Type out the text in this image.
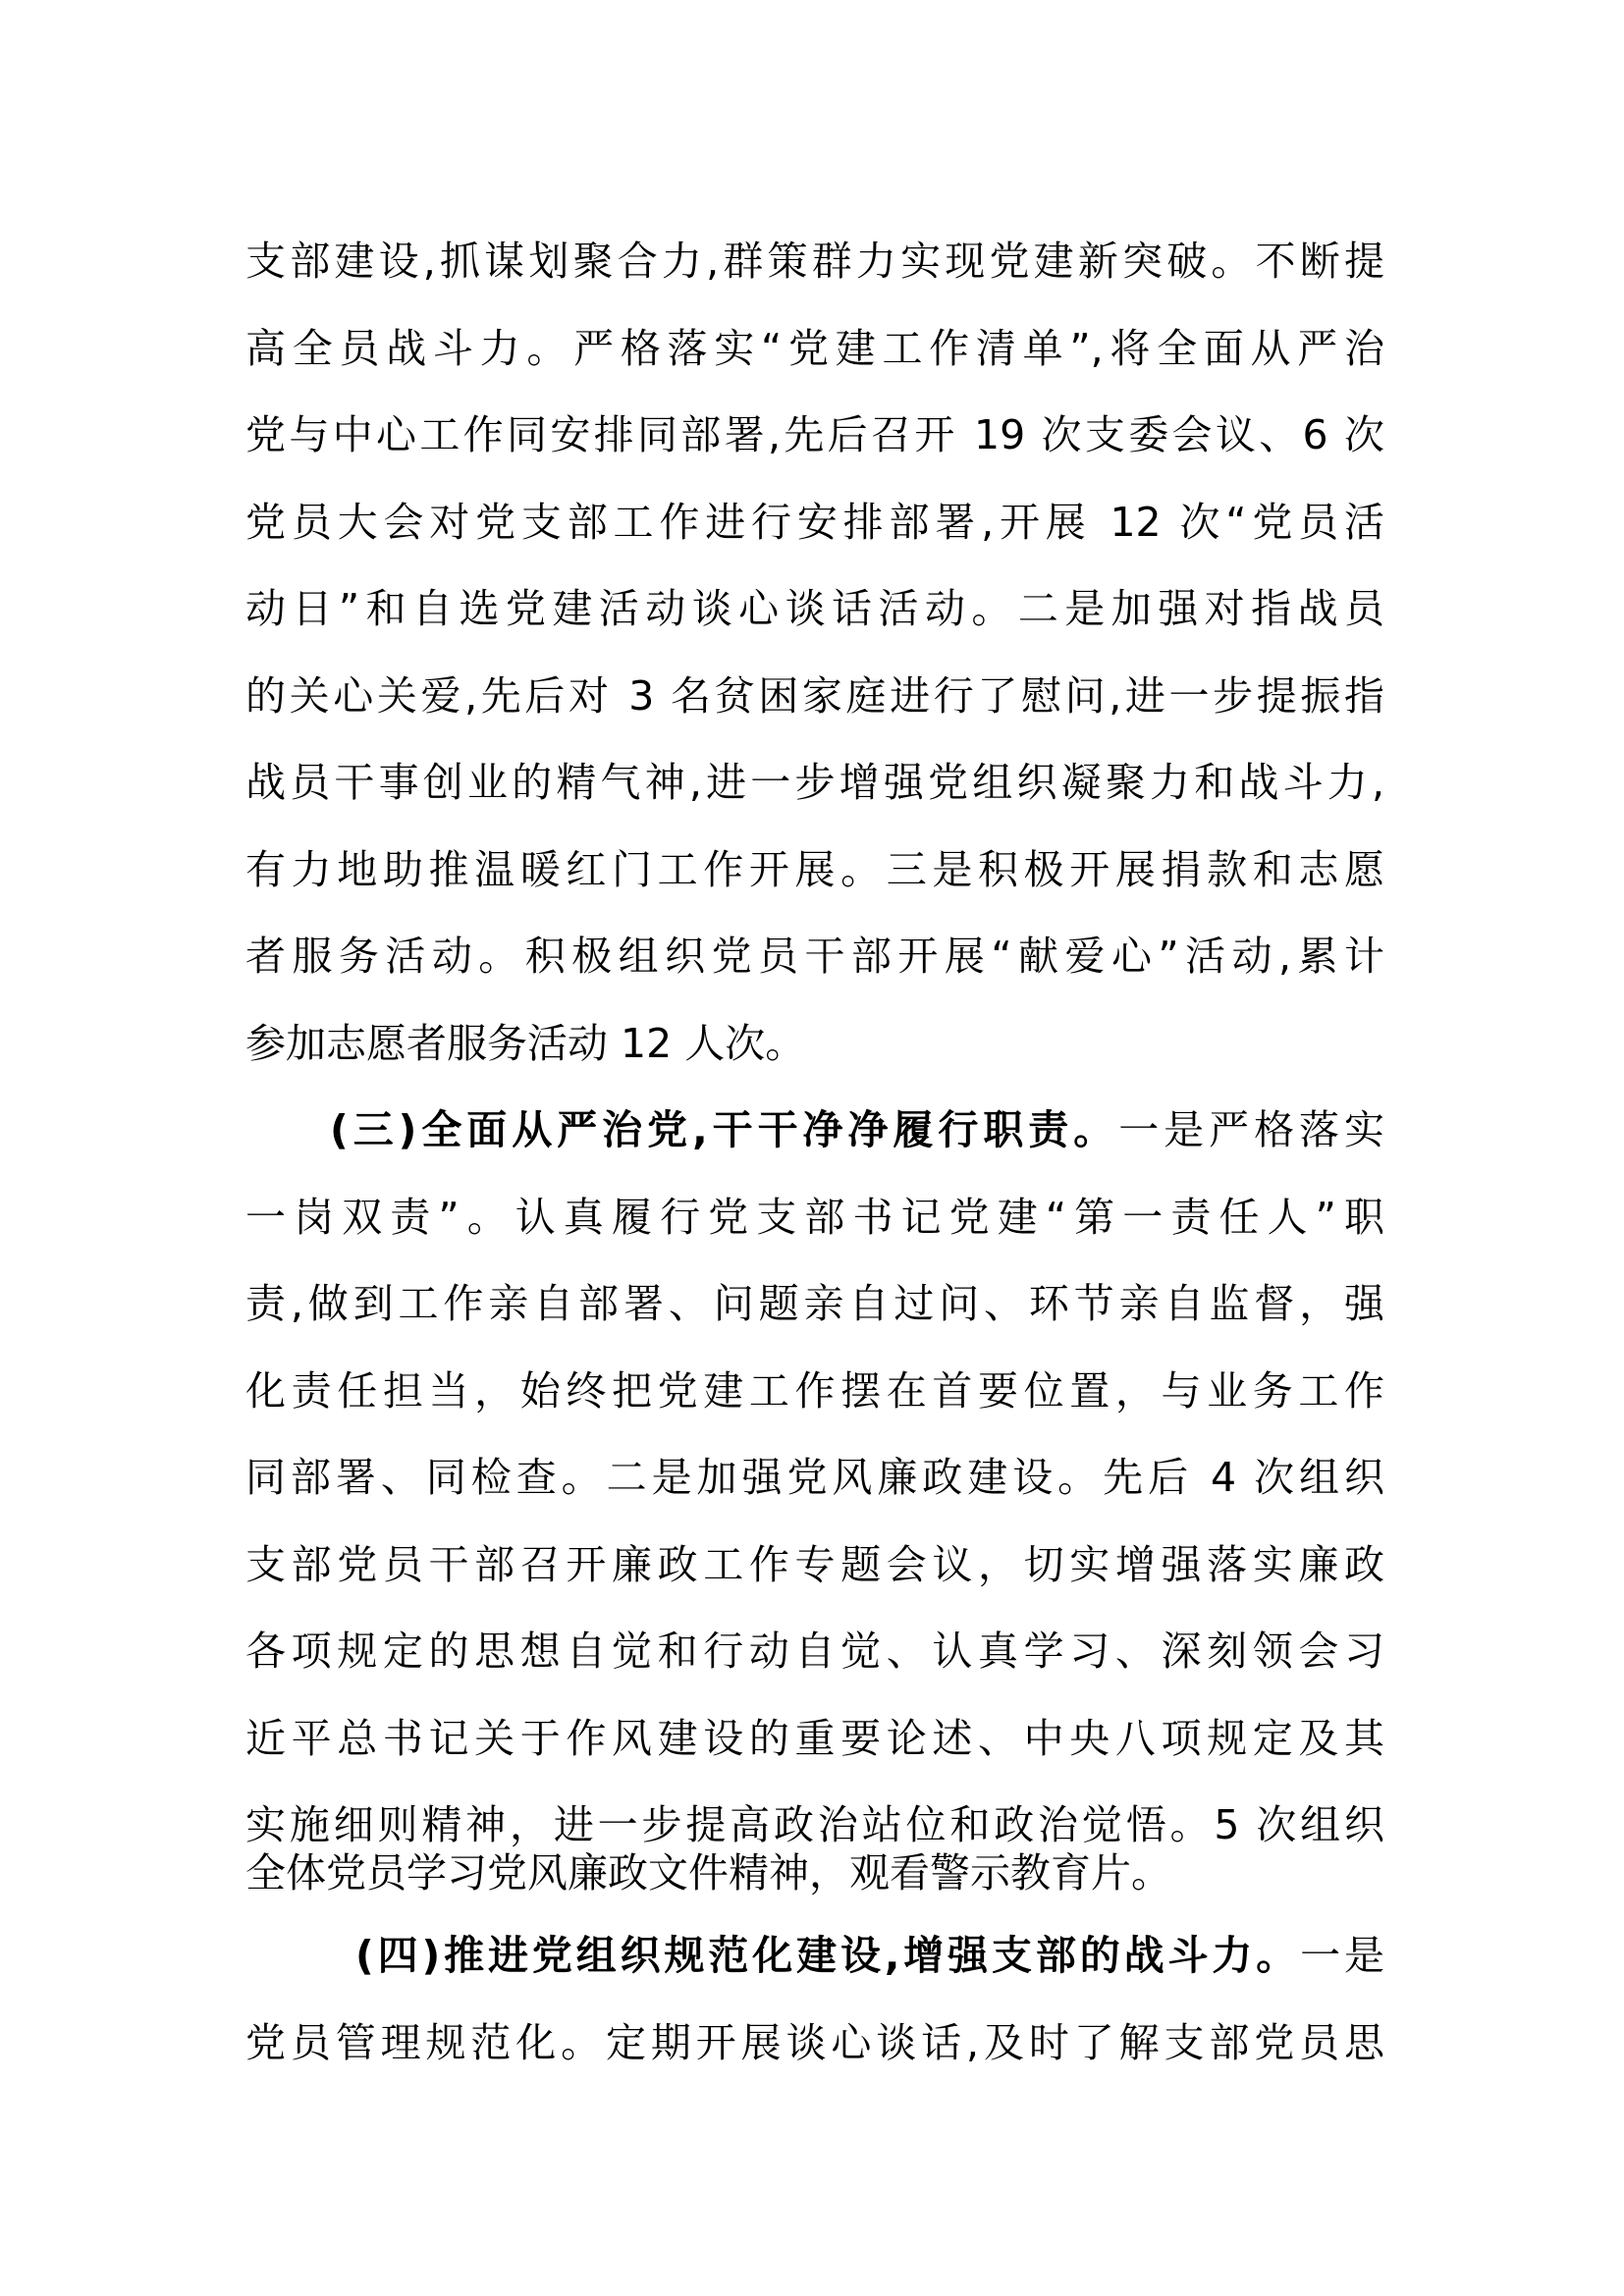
支部建设,抓谋划聚合力,群策群力实现党建新突破。不断提
高全员战斗力。严格落实“党建工作清单”,将全面从严治
党与中心工作同安排同部署,先后召开 19 次支委会议、6 次
党员大会对党支部工作进行安排部署,开展 12 次“党员活
动日”和自选党建活动谈心谈话活动。二是加强对指战员
的关心关爱,先后对 3 名贫困家庭进行了慰问,进一步提振指
战员干事创业的精气神,进一步增强党组织凝聚力和战斗力,
有力地助推温暖红门工作开展。三是积极开展捐款和志愿
者服务活动。积极组织党员干部开展“献爱心”活动,累计
参加志愿者服务活动 12 人次。
(三)全面从严治党,干干净净履行职责。一是严格落实
一岗双责”。认真履行党支部书记党建“第一责任人”职
责,做到工作亲自部署、问题亲自过问、环节亲自监督，强
化责任担当，始终把党建工作摆在首要位置，与业务工作
同部署、同检查。二是加强党风廉政建设。先后 4 次组织
支部党员干部召开廉政工作专题会议，切实增强落实廉政
各项规定的思想自觉和行动自觉、认真学习、深刻领会习
近平总书记关于作风建设的重要论述、中央八项规定及其
实施细则精神，进一步提高政治站位和政治觉悟。5 次组织
全体党员学习党风廉政文件精神，观看警示教育片。
(四)推进党组织规范化建设,增强支部的战斗力。一是
党员管理规范化。定期开展谈心谈话,及时了解支部党员思
